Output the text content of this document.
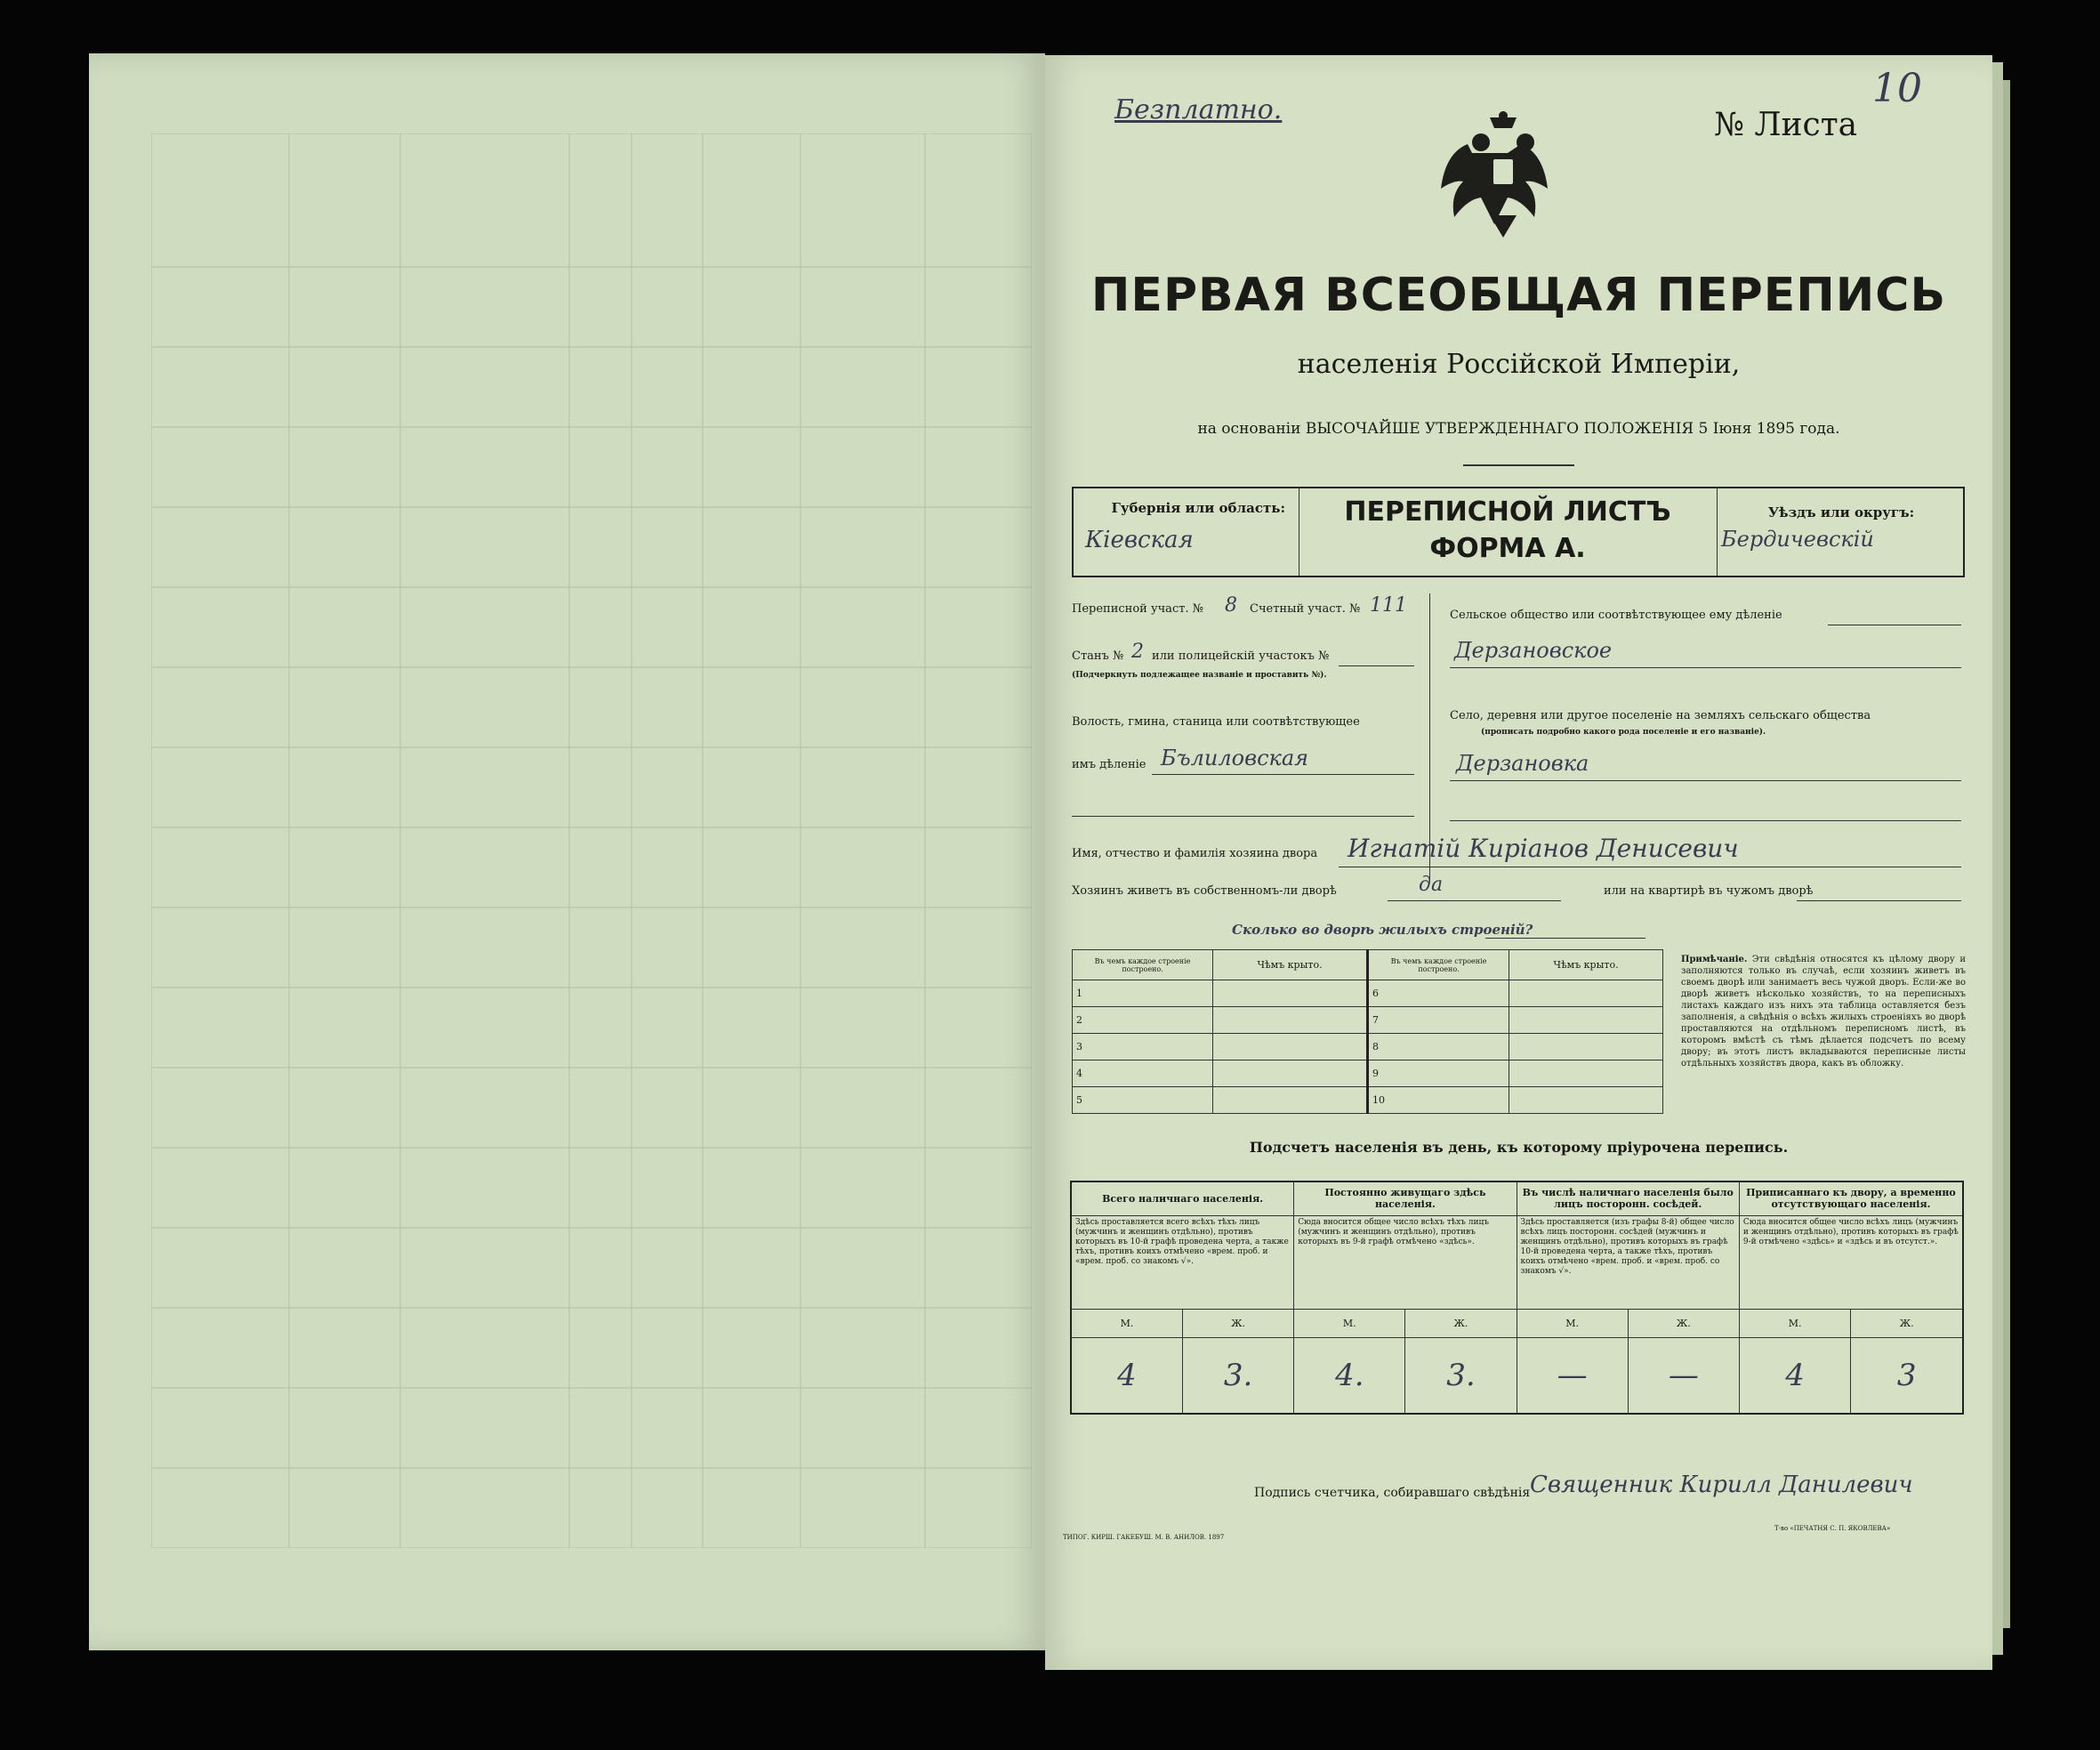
Безплатно.	№ Листа
10
ПЕРВАЯ ВСЕОБЩАЯ ПЕРЕПИСЬ
населенія Россійской Имперіи,
на основаніи ВЫСОЧАЙШЕ УТВЕРЖДЕННАГО ПОЛОЖЕНІЯ 5 Іюня 1895 года.
Губернія или область:
Кіевская
ПЕРЕПИСНОЙ ЛИСТЪ
ФОРМА А.
Уѣздъ или округъ:
Бердичевскій
Переписной участ. № 8 Счетный участ. № 111
Станъ № 2 или полицейскій участокъ №
(Подчеркнуть подлежащее названіе и проставить №).
Волость, гмина, станица или соотвѣтствующее
имъ дѣленіе Бълиловская
Сельское общество или соотвѣтствующее ему дѣленіе
Дерзановское
Село, деревня или другое поселеніе на земляхъ сельскаго общества
(прописать подробно какого рода поселеніе и его названіе).
Дерзановка
Имя, отчество и фамилія хозяина двора Игнатій Киріанов Денисевич
Хозяинъ живетъ въ собственномъ-ли дворѣ	да	или на квартирѣ въ чужомъ дворѣ
Сколько во дворѣ жилыхъ строеній?
Въ чемъ каждое строеніе построено.	Чѣмъ крыто.	Въ чемъ каждое строеніе построено.	Чѣмъ крыто.
1		6	
2		7	
3		8	
4		9	
5		10	
Примѣчаніе. Эти свѣдѣнія относятся къ цѣлому двору и заполняются только въ случаѣ, если хозяинъ живетъ въ своемъ дворѣ или занимаетъ весь чужой дворъ. Если-же во дворѣ живетъ нѣсколько хозяйствъ, то на переписныхъ листахъ каждаго изъ нихъ эта таблица оставляется безъ заполненія, а свѣдѣнія о всѣхъ жилыхъ строеніяхъ во дворѣ проставляются на отдѣльномъ переписномъ листѣ, въ которомъ вмѣстѣ съ тѣмъ дѣлается подсчетъ по всему двору; въ этотъ листъ вкладываются переписные листы отдѣльныхъ хозяйствъ двора, какъ въ обложку.
Подсчетъ населенія въ день, къ которому пріурочена перепись.
Всего наличнаго населенія.		Постоянно живущаго здѣсь населенія.		Въ числѣ наличнаго населенія было лицъ посторонн. сосѣдей.		Приписаннаго къ двору, а временно отсутствующаго населенія.	
Здѣсь проставляется всего всѣхъ тѣхъ лицъ (мужчинъ и женщинъ отдѣльно), противъ которыхъ въ 10-й графѣ проведена черта, а также тѣхъ, противъ коихъ отмѣчено «врем. проб. и «врем. проб. со знакомъ √».		Сюда вносится общее число всѣхъ тѣхъ лицъ (мужчинъ и женщинъ отдѣльно), противъ которыхъ въ 9-й графѣ отмѣчено «здѣсь».		Здѣсь проставляется (изъ графы 8-й) общее число всѣхъ лицъ посторонн. сосѣдей (мужчинъ и женщинъ отдѣльно), противъ которыхъ въ графѣ 10-й проведена черта, а также тѣхъ, противъ коихъ отмѣчено «врем. проб. и «врем. проб. со знакомъ √».		Сюда вносится общее число всѣхъ лицъ (мужчинъ и женщинъ отдѣльно), противъ которыхъ въ графѣ 9-й отмѣчено «здѣсь» и «здѣсь и въ отсутст.».	
М.	Ж.	М.	Ж.	М.	Ж.	М.	Ж.
4	3.	4.	3.	—	—	4	3
Подпись счетчика, собиравшаго свѣдѣнія Священник Кирилл Данилевич
ТИПОГ. КИРШ. ГАКЕБУШ. М. В. АНИЛОВ. 1897
Т-во «ПЕЧАТНЯ С. П. ЯКОВЛЕВА»
